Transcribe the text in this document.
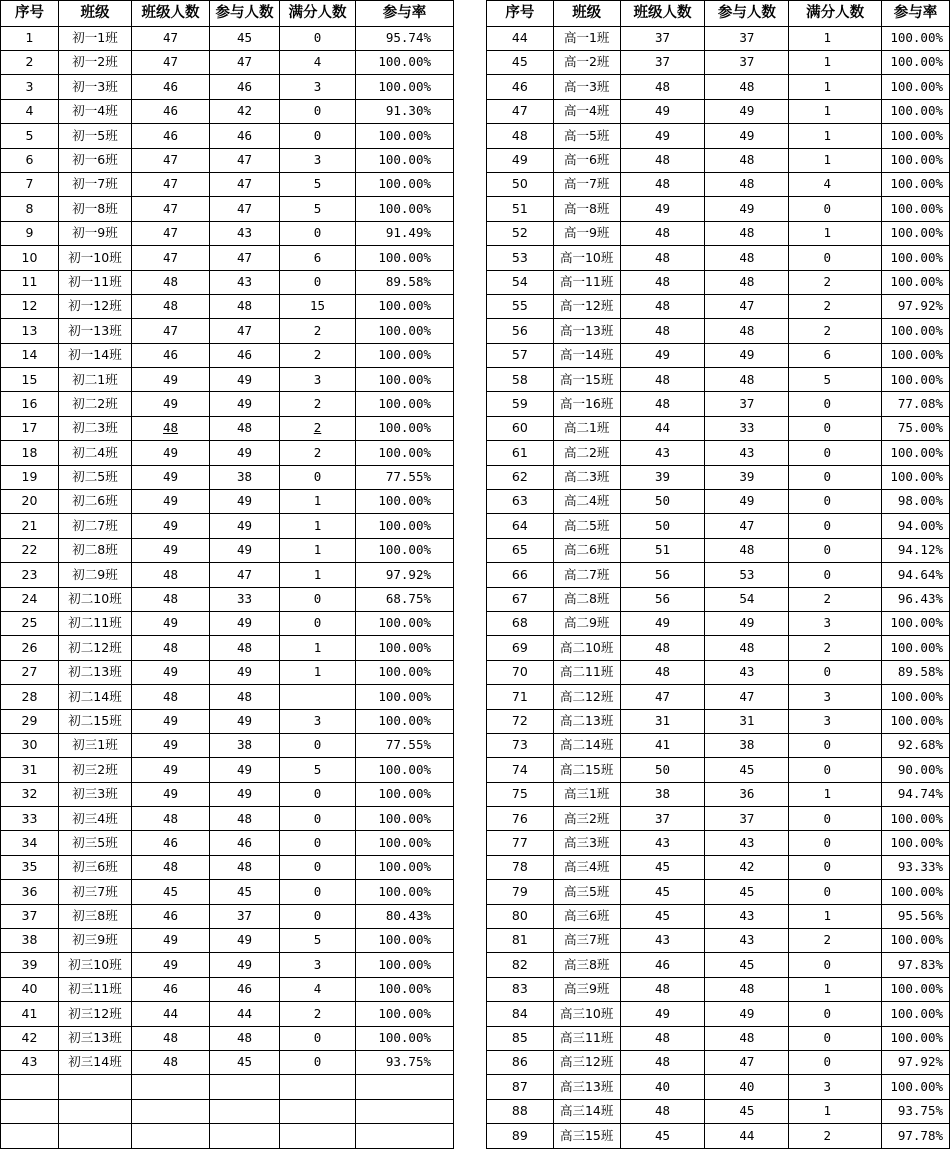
序号	班级	班级人数	参与人数	满分人数	参与率
1	初一1班	47	45	0	95.74%
2	初一2班	47	47	4	100.00%
3	初一3班	46	46	3	100.00%
4	初一4班	46	42	0	91.30%
5	初一5班	46	46	0	100.00%
6	初一6班	47	47	3	100.00%
7	初一7班	47	47	5	100.00%
8	初一8班	47	47	5	100.00%
9	初一9班	47	43	0	91.49%
10	初一10班	47	47	6	100.00%
11	初一11班	48	43	0	89.58%
12	初一12班	48	48	15	100.00%
13	初一13班	47	47	2	100.00%
14	初一14班	46	46	2	100.00%
15	初二1班	49	49	3	100.00%
16	初二2班	49	49	2	100.00%
17	初二3班	48	48	2	100.00%
18	初二4班	49	49	2	100.00%
19	初二5班	49	38	0	77.55%
20	初二6班	49	49	1	100.00%
21	初二7班	49	49	1	100.00%
22	初二8班	49	49	1	100.00%
23	初二9班	48	47	1	97.92%
24	初二10班	48	33	0	68.75%
25	初二11班	49	49	0	100.00%
26	初二12班	48	48	1	100.00%
27	初二13班	49	49	1	100.00%
28	初二14班	48	48		100.00%
29	初二15班	49	49	3	100.00%
30	初三1班	49	38	0	77.55%
31	初三2班	49	49	5	100.00%
32	初三3班	49	49	0	100.00%
33	初三4班	48	48	0	100.00%
34	初三5班	46	46	0	100.00%
35	初三6班	48	48	0	100.00%
36	初三7班	45	45	0	100.00%
37	初三8班	46	37	0	80.43%
38	初三9班	49	49	5	100.00%
39	初三10班	49	49	3	100.00%
40	初三11班	46	46	4	100.00%
41	初三12班	44	44	2	100.00%
42	初三13班	48	48	0	100.00%
43	初三14班	48	45	0	93.75%

序号	班级	班级人数	参与人数	满分人数	参与率
44	高一1班	37	37	1	100.00%
45	高一2班	37	37	1	100.00%
46	高一3班	48	48	1	100.00%
47	高一4班	49	49	1	100.00%
48	高一5班	49	49	1	100.00%
49	高一6班	48	48	1	100.00%
50	高一7班	48	48	4	100.00%
51	高一8班	49	49	0	100.00%
52	高一9班	48	48	1	100.00%
53	高一10班	48	48	0	100.00%
54	高一11班	48	48	2	100.00%
55	高一12班	48	47	2	97.92%
56	高一13班	48	48	2	100.00%
57	高一14班	49	49	6	100.00%
58	高一15班	48	48	5	100.00%
59	高一16班	48	37	0	77.08%
60	高二1班	44	33	0	75.00%
61	高二2班	43	43	0	100.00%
62	高二3班	39	39	0	100.00%
63	高二4班	50	49	0	98.00%
64	高二5班	50	47	0	94.00%
65	高二6班	51	48	0	94.12%
66	高二7班	56	53	0	94.64%
67	高二8班	56	54	2	96.43%
68	高二9班	49	49	3	100.00%
69	高二10班	48	48	2	100.00%
70	高二11班	48	43	0	89.58%
71	高二12班	47	47	3	100.00%
72	高二13班	31	31	3	100.00%
73	高二14班	41	38	0	92.68%
74	高二15班	50	45	0	90.00%
75	高三1班	38	36	1	94.74%
76	高三2班	37	37	0	100.00%
77	高三3班	43	43	0	100.00%
78	高三4班	45	42	0	93.33%
79	高三5班	45	45	0	100.00%
80	高三6班	45	43	1	95.56%
81	高三7班	43	43	2	100.00%
82	高三8班	46	45	0	97.83%
83	高三9班	48	48	1	100.00%
84	高三10班	49	49	0	100.00%
85	高三11班	48	48	0	100.00%
86	高三12班	48	47	0	97.92%
87	高三13班	40	40	3	100.00%
88	高三14班	48	45	1	93.75%
89	高三15班	45	44	2	97.78%
